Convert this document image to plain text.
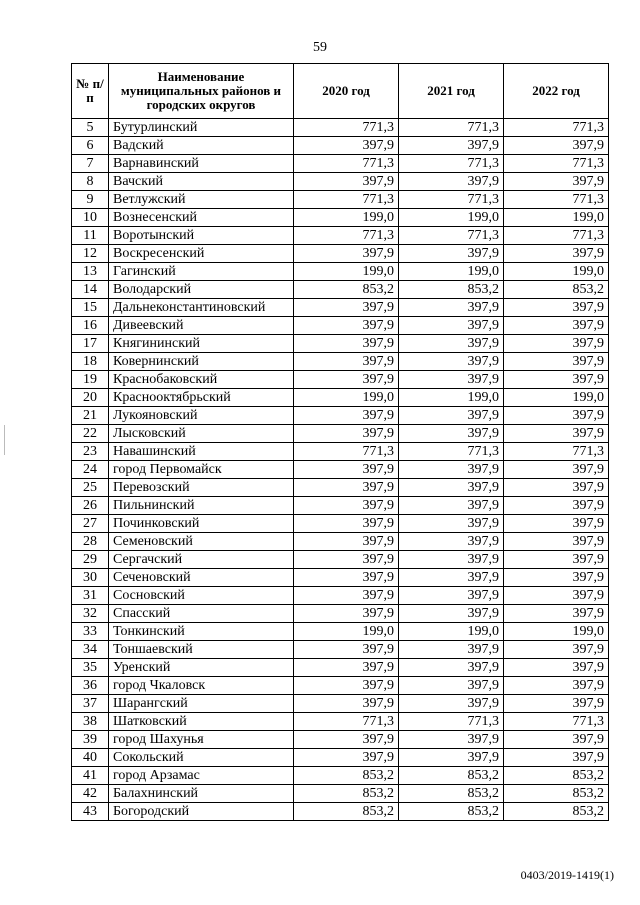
59
№ п/п	Наименование муниципальных районов и городских округов	2020 год	2021 год	2022 год
5	Бутурлинский	771,3	771,3	771,3
6	Вадский	397,9	397,9	397,9
7	Варнавинский	771,3	771,3	771,3
8	Вачский	397,9	397,9	397,9
9	Ветлужский	771,3	771,3	771,3
10	Вознесенский	199,0	199,0	199,0
11	Воротынский	771,3	771,3	771,3
12	Воскресенский	397,9	397,9	397,9
13	Гагинский	199,0	199,0	199,0
14	Володарский	853,2	853,2	853,2
15	Дальнеконстантиновский	397,9	397,9	397,9
16	Дивеевский	397,9	397,9	397,9
17	Княгининский	397,9	397,9	397,9
18	Ковернинский	397,9	397,9	397,9
19	Краснобаковский	397,9	397,9	397,9
20	Краснооктябрьский	199,0	199,0	199,0
21	Лукояновский	397,9	397,9	397,9
22	Лысковский	397,9	397,9	397,9
23	Навашинский	771,3	771,3	771,3
24	город Первомайск	397,9	397,9	397,9
25	Перевозский	397,9	397,9	397,9
26	Пильнинский	397,9	397,9	397,9
27	Починковский	397,9	397,9	397,9
28	Семеновский	397,9	397,9	397,9
29	Сергачский	397,9	397,9	397,9
30	Сеченовский	397,9	397,9	397,9
31	Сосновский	397,9	397,9	397,9
32	Спасский	397,9	397,9	397,9
33	Тонкинский	199,0	199,0	199,0
34	Тоншаевский	397,9	397,9	397,9
35	Уренский	397,9	397,9	397,9
36	город Чкаловск	397,9	397,9	397,9
37	Шарангский	397,9	397,9	397,9
38	Шатковский	771,3	771,3	771,3
39	город Шахунья	397,9	397,9	397,9
40	Сокольский	397,9	397,9	397,9
41	город Арзамас	853,2	853,2	853,2
42	Балахнинский	853,2	853,2	853,2
43	Богородский	853,2	853,2	853,2
0403/2019-1419(1)
